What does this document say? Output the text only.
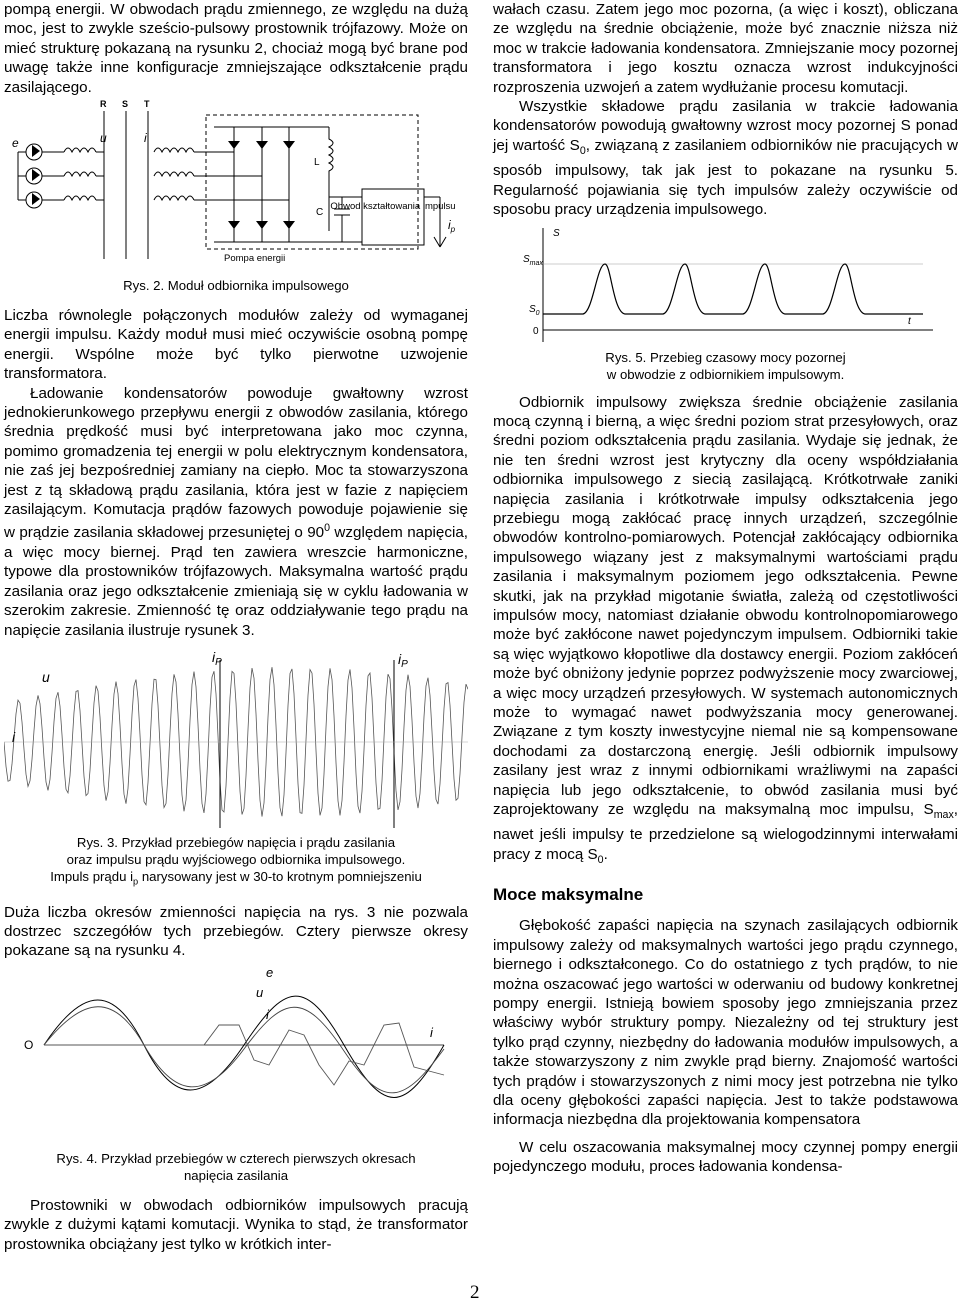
pompą energii. W obwodach prądu zmiennego, ze względu na dużą moc, jest to zwykle sześcio-pulsowy prostownik trójfazowy. Może on mieć strukturę pokazaną na rysunku 2, chociaż mogą być brane pod uwagę także inne konfiguracje zmniejszające odkształcenie prądu zasilającego.

R S T
e	u	i
L
C
Obwod kształtowania impulsu
$i_p$
Pompa energii

Rys. 2. Moduł odbiornika impulsowego

Liczba równolegle połączonych modułów zależy od wymaganej energii impulsu. Każdy moduł musi mieć oczywiście osobną pompę energii. Wspólne może być tylko pierwotne uzwojenie transformatora.

Ładowanie kondensatorów powoduje gwałtowny wzrost jednokierunkowego przepływu energii z obwodów zasilania, którego średnia prędkość musi być interpretowana jako moc czynna, pomimo gromadzenia tej energii w polu elektrycznym kondensatora, nie zaś jej bezpośredniej zamiany na ciepło. Moc ta stowarzyszona jest z tą składową prądu zasilania, która jest w fazie z napięciem zasilającym. Komutacja prądów fazowych powoduje pojawienie się w prądzie zasilania składowej przesuniętej o $90^0$ względem napięcia, a więc mocy biernej. Prąd ten zawiera wreszcie harmoniczne, typowe dla prostowników trójfazowych. Maksymalna wartość prądu zasilania oraz jego odkształcenie zmieniają się w cyklu ładowania w szerokim zakresie. Zmienność tę oraz oddziaływanie tego prądu na napięcie zasilania ilustruje rysunek 3.

u
i
$i_P$	$i_P$

Rys. 3. Przykład przebiegów napięcia i prądu zasilania
oraz impulsu prądu wyjściowego odbiornika impulsowego.
Impuls prądu $i_p$ narysowany jest w 30-to krotnym pomniejszeniu

Duża liczba okresów zmienności napięcia na rys. 3 nie pozwala dostrzec szczegółów tych przebiegów. Cztery pierwsze okresy pokazane są na rysunku 4.

O
e
u
i
i

Rys. 4. Przykład przebiegów w czterech pierwszych okresach
napięcia zasilania

Prostowniki w obwodach odbiorników impulsowych pracują zwykle z dużymi kątami komutacji. Wynika to stąd, że transformator prostownika obciążany jest tylko w krótkich inter-

wałach czasu. Zatem jego moc pozorna, (a więc i koszt), obliczana ze względu na średnie obciążenie, może być znacznie niższa niż moc w trakcie ładowania kondensatora. Zmniejszanie mocy pozornej transformatora i jego kosztu oznacza wzrost indukcyjności rozproszenia uzwojeń a zatem wydłużanie procesu komutacji.

Wszystkie składowe prądu zasilania w trakcie ładowania kondensatorów powodują gwałtowny wzrost mocy pozornej S ponad jej wartość $S_0$, związaną z zasilaniem odbiorników nie pracujących w sposób impulsowy, tak jak jest to pokazane na rysunku 5. Regularność pojawiania się tych impulsów zależy oczywiście od sposobu pracy urządzenia impulsowego.

S
$S_{max}$
$S_0$
0
t

Rys. 5. Przebieg czasowy mocy pozornej
w obwodzie z odbiornikiem impulsowym.

Odbiornik impulsowy zwiększa średnie obciążenie zasilania mocą czynną i bierną, a więc średni poziom strat przesyłowych, oraz średni poziom odkształcenia prądu zasilania. Wydaje się jednak, że nie ten średni wzrost jest krytyczny dla oceny współdziałania odbiornika impulsowego z siecią zasilającą. Krótkotrwałe zaniki napięcia zasilania i krótkotrwałe impulsy odkształcenia jego przebiegu mogą zakłócać pracę innych urządzeń, szczególnie obwodów kontrolno-pomiarowych. Potencjał zakłócający odbiornika impulsowego wiązany jest z maksymalnymi wartościami prądu zasilania i maksymalnym poziomem jego odkształcenia. Pewne skutki, jak na przykład migotanie światła, zależą od częstotliwości impulsów mocy, natomiast działanie obwodu kontrolnopomiarowego może być zakłócone nawet pojedynczym impulsem. Odbiorniki takie są więc wyjątkowo kłopotliwe dla dostawcy energii. Poziom zakłóceń może być obniżony jedynie poprzez podwyższenie mocy zwarciowej, a więc mocy urządzeń przesyłowych. W systemach autonomicznych może to wymagać nawet podwyższania mocy generowanej. Związane z tym koszty inwestycyjne niemal nie są kompensowane dochodami za dostarczoną energię. Jeśli odbiornik impulsowy zasilany jest wraz z innymi odbiornikami wrażliwymi na zapaści napięcia lub jego odkształcenie, to obwód zasilania musi być zaprojektowany ze względu na maksymalną moc impulsu, $S_{max}$, nawet jeśli impulsy te przedzielone są wielogodzinnymi interwałami pracy z mocą $S_0$.

Moce maksymalne

Głębokość zapaści napięcia na szynach zasilających odbiornik impulsowy zależy od maksymalnych wartości jego prądu czynnego, biernego i odkształconego. Co do ostatniego z tych prądów, to nie można oszacować jego wartości w oderwaniu od budowy konkretnej pompy energii. Istnieją bowiem sposoby jego zmniejszania przez właściwy wybór struktury pompy. Niezależny od tej struktury jest tylko prąd czynny, niezbędny do ładowania modułów impulsowych, a także stowarzyszony z nim zwykle prąd bierny. Znajomość wartości tych prądów i stowarzyszonych z nimi mocy jest potrzebna nie tylko dla oceny głębokości zapaści napięcia. Jest to także podstawowa informacja niezbędna dla projektowania kompensatora

W celu oszacowania maksymalnej mocy czynnej pompy energii pojedynczego modułu, proces ładowania kondensa-

2
